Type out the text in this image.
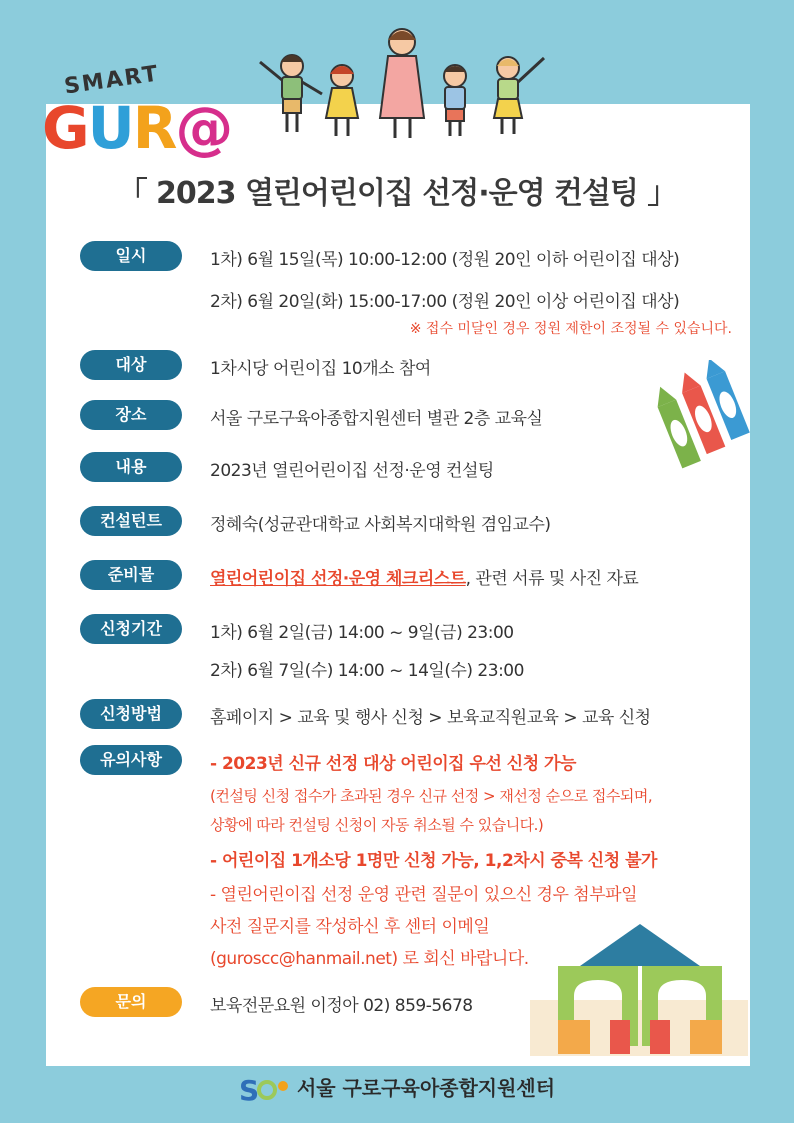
SMART
GUR@
「 2023 열린어린이집 선정·운영 컨설팅 」
일시	1차) 6월 15일(목) 10:00-12:00 (정원 20인 이하 어린이집 대상)
2차) 6월 20일(화) 15:00-17:00 (정원 20인 이상 어린이집 대상)
※ 접수 미달인 경우 정원 제한이 조정될 수 있습니다.
대상	1차시당 어린이집 10개소 참여
장소	서울 구로구육아종합지원센터 별관 2층 교육실
내용	2023년 열린어린이집 선정·운영 컨설팅
컨설턴트	정혜숙(성균관대학교 사회복지대학원 겸임교수)
준비물	열린어린이집 선정·운영 체크리스트, 관련 서류 및 사진 자료
신청기간	1차) 6월 2일(금) 14:00 ~ 9일(금) 23:00
2차) 6월 7일(수) 14:00 ~ 14일(수) 23:00
신청방법	홈페이지 > 교육 및 행사 신청 > 보육교직원교육 > 교육 신청
유의사항	- 2023년 신규 선정 대상 어린이집 우선 신청 가능
(컨설팅 신청 접수가 초과된 경우 신규 선정 > 재선정 순으로 접수되며,
상황에 따라 컨설팅 신청이 자동 취소될 수 있습니다.)
- 어린이집 1개소당 1명만 신청 가능, 1,2차시 중복 신청 불가
- 열린어린이집 선정 운영 관련 질문이 있으신 경우 첨부파일
사전 질문지를 작성하신 후 센터 이메일
(guroscc@hanmail.net) 로 회신 바랍니다.
문의	보육전문요원 이정아 02) 859-5678
S 서울 구로구육아종합지원센터
